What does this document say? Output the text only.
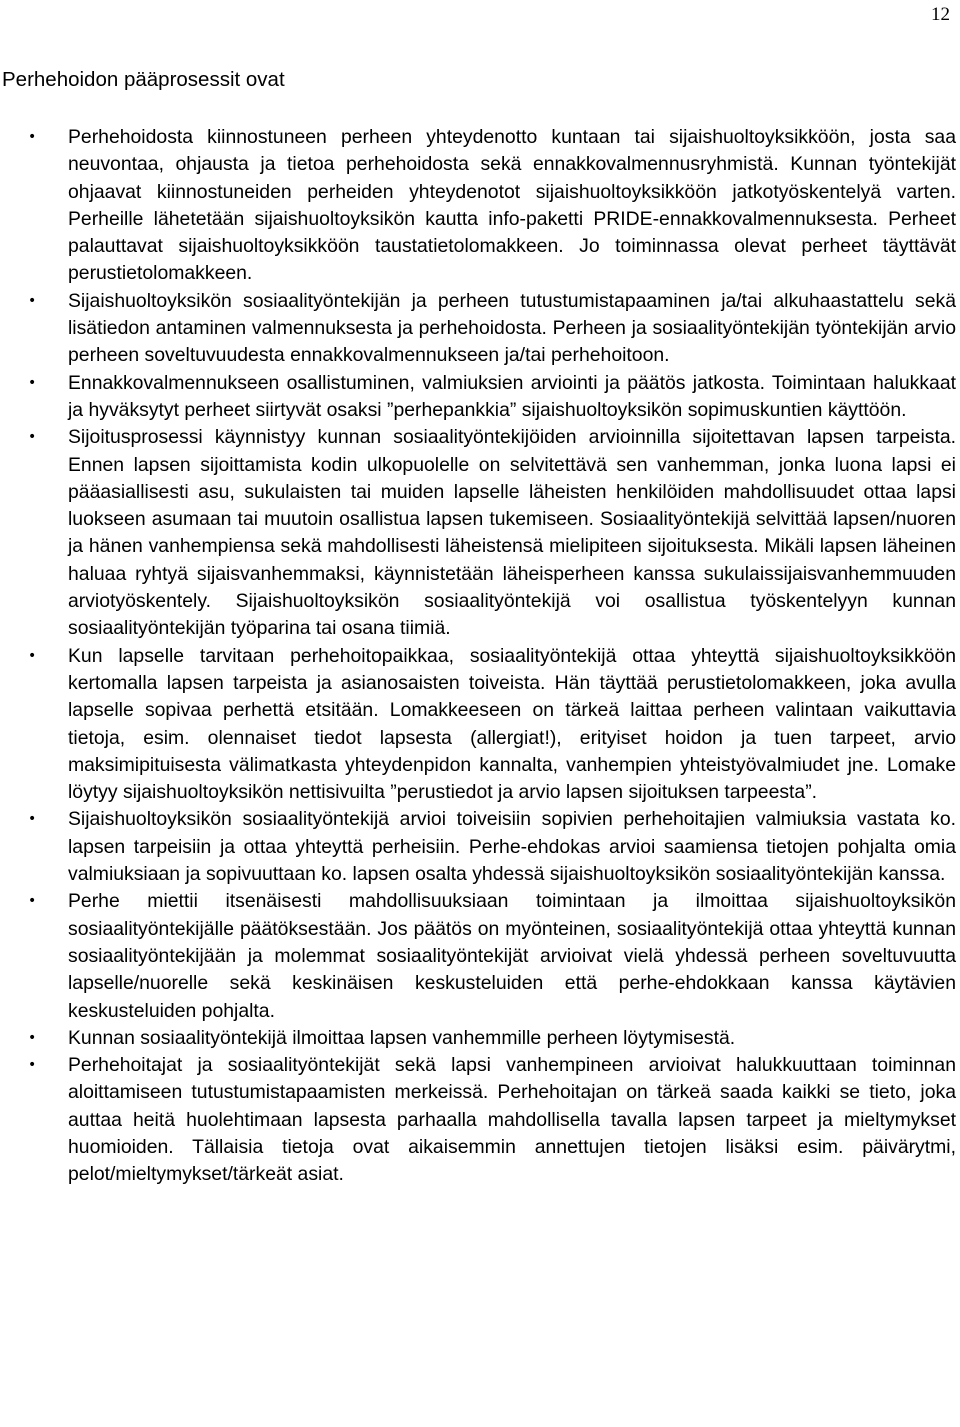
12
Perhehoidon pääprosessit ovat
• Perhehoidosta kiinnostuneen perheen yhteydenotto kuntaan tai sijaishuoltoyksikköön, josta saa neuvontaa, ohjausta ja tietoa perhehoidosta sekä ennakkovalmennusryhmistä. Kunnan työntekijät ohjaavat kiinnostuneiden perheiden yhteydenotot sijaishuoltoyksikköön jatkotyöskentelyä varten. Perheille lähetetään sijaishuoltoyksikön kautta info-paketti PRIDE-ennakkovalmennuksesta. Perheet palauttavat sijaishuoltoyksikköön taustatietolomakkeen. Jo toiminnassa olevat perheet täyttävät perustietolomakkeen.
• Sijaishuoltoyksikön sosiaalityöntekijän ja perheen tutustumistapaaminen ja/tai alkuhaastattelu sekä lisätiedon antaminen valmennuksesta ja perhehoidosta. Perheen ja sosiaalityöntekijän työntekijän arvio perheen soveltuvuudesta ennakkovalmennukseen ja/tai perhehoitoon.
• Ennakkovalmennukseen osallistuminen, valmiuksien arviointi ja päätös jatkosta. Toimintaan halukkaat ja hyväksytyt perheet siirtyvät osaksi ”perhepankkia” sijaishuoltoyksikön sopimuskuntien käyttöön.
• Sijoitusprosessi käynnistyy kunnan sosiaalityöntekijöiden arvioinnilla sijoitettavan lapsen tarpeista. Ennen lapsen sijoittamista kodin ulkopuolelle on selvitettävä sen vanhemman, jonka luona lapsi ei pääasiallisesti asu, sukulaisten tai muiden lapselle läheisten henkilöiden mahdollisuudet ottaa lapsi luokseen asumaan tai muutoin osallistua lapsen tukemiseen. Sosiaalityöntekijä selvittää lapsen/nuoren ja hänen vanhempiensa sekä mahdollisesti läheistensä mielipiteen sijoituksesta. Mikäli lapsen läheinen haluaa ryhtyä sijaisvanhemmaksi, käynnistetään läheisperheen kanssa sukulaissijaisvanhemmuuden arviotyöskentely. Sijaishuoltoyksikön sosiaalityöntekijä voi osallistua työskentelyyn kunnan sosiaalityöntekijän työparina tai osana tiimiä.
• Kun lapselle tarvitaan perhehoitopaikkaa, sosiaalityöntekijä ottaa yhteyttä sijaishuoltoyksikköön kertomalla lapsen tarpeista ja asianosaisten toiveista. Hän täyttää perustietolomakkeen, joka avulla lapselle sopivaa perhettä etsitään. Lomakkeeseen on tärkeä laittaa perheen valintaan vaikuttavia tietoja, esim. olennaiset tiedot lapsesta (allergiat!), erityiset hoidon ja tuen tarpeet, arvio maksimipituisesta välimatkasta yhteydenpidon kannalta, vanhempien yhteistyövalmiudet jne. Lomake löytyy sijaishuoltoyksikön nettisivuilta ”perustiedot ja arvio lapsen sijoituksen tarpeesta”.
• Sijaishuoltoyksikön sosiaalityöntekijä arvioi toiveisiin sopivien perhehoitajien valmiuksia vastata ko. lapsen tarpeisiin ja ottaa yhteyttä perheisiin. Perhe-ehdokas arvioi saamiensa tietojen pohjalta omia valmiuksiaan ja sopivuuttaan ko. lapsen osalta yhdessä sijaishuoltoyksikön sosiaalityöntekijän kanssa.
• Perhe miettii itsenäisesti mahdollisuuksiaan toimintaan ja ilmoittaa sijaishuoltoyksikön sosiaalityöntekijälle päätöksestään. Jos päätös on myönteinen, sosiaalityöntekijä ottaa yhteyttä kunnan sosiaalityöntekijään ja molemmat sosiaalityöntekijät arvioivat vielä yhdessä perheen soveltuvuutta lapselle/nuorelle sekä keskinäisen keskusteluiden että perhe-ehdokkaan kanssa käytävien keskusteluiden pohjalta.
• Kunnan sosiaalityöntekijä ilmoittaa lapsen vanhemmille perheen löytymisestä.
• Perhehoitajat ja sosiaalityöntekijät sekä lapsi vanhempineen arvioivat halukkuuttaan toiminnan aloittamiseen tutustumistapaamisten merkeissä. Perhehoitajan on tärkeä saada kaikki se tieto, joka auttaa heitä huolehtimaan lapsesta parhaalla mahdollisella tavalla lapsen tarpeet ja mieltymykset huomioiden. Tällaisia tietoja ovat aikaisemmin annettujen tietojen lisäksi esim. päivärytmi, pelot/mieltymykset/tärkeät asiat.
